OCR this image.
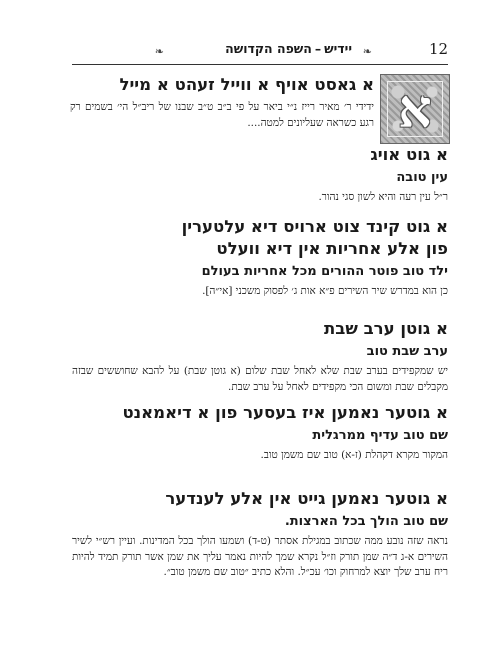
❧	יידיש–השפה הקדושה	❧	12
א

א גאסט אויף א ווייל זעהט א מייל

ידידי ר׳ מאיר רייז נ״י ביאר על פי ב״ב ט״ב שבנו של ריב״ל הי׳ בשמים רק רגע כשראה שעליונים למטה....

א גוט אויג

עין טובה

ר״ל עין רעה והיא לשון סגי נהור.

א גוט קינד צוט ארויס דיא עלטערין

פון אלע אחריות אין דיא וועלט

ילד טוב פוטר ההורים מכל אחריות בעולם

כן הוא במדרש שיר השירים פ״א אות ג׳ לפסוק משכני [אי״ה].

א גוטן ערב שבת

ערב שבת טוב

יש שמקפידים בערב שבת שלא לאחל שבת שלום (א גוטן שבת) על להבא שחוששים שבזה מקבלים שבת ומשום הכי מקפידים לאחל על ערב שבת.

א גוטער נאמען איז בעסער פון א דיאמאנט

שם טוב עדיף ממרגלית

המקור מקרא דקהלת (ז-א) טוב שם משמן טוב.

א גוטער נאמען גייט אין אלע לענדער

שם טוב הולך בכל הארצות.

נראה שזה נובע ממה שכתוב במגילת אסתר (ט-ד) ושמעו הולך בכל המדינות. ועיין רש״י לשיר השירים א-ג ד״ה שמן תורק וז״ל נקרא שמך להיות נאמר עליך את שמן אשר תורק תמיד להיות ריח ערב שלך יוצא למרחוק וכו׳ עכ״ל. והלא כתיב ״טוב שם משמן טוב״.
